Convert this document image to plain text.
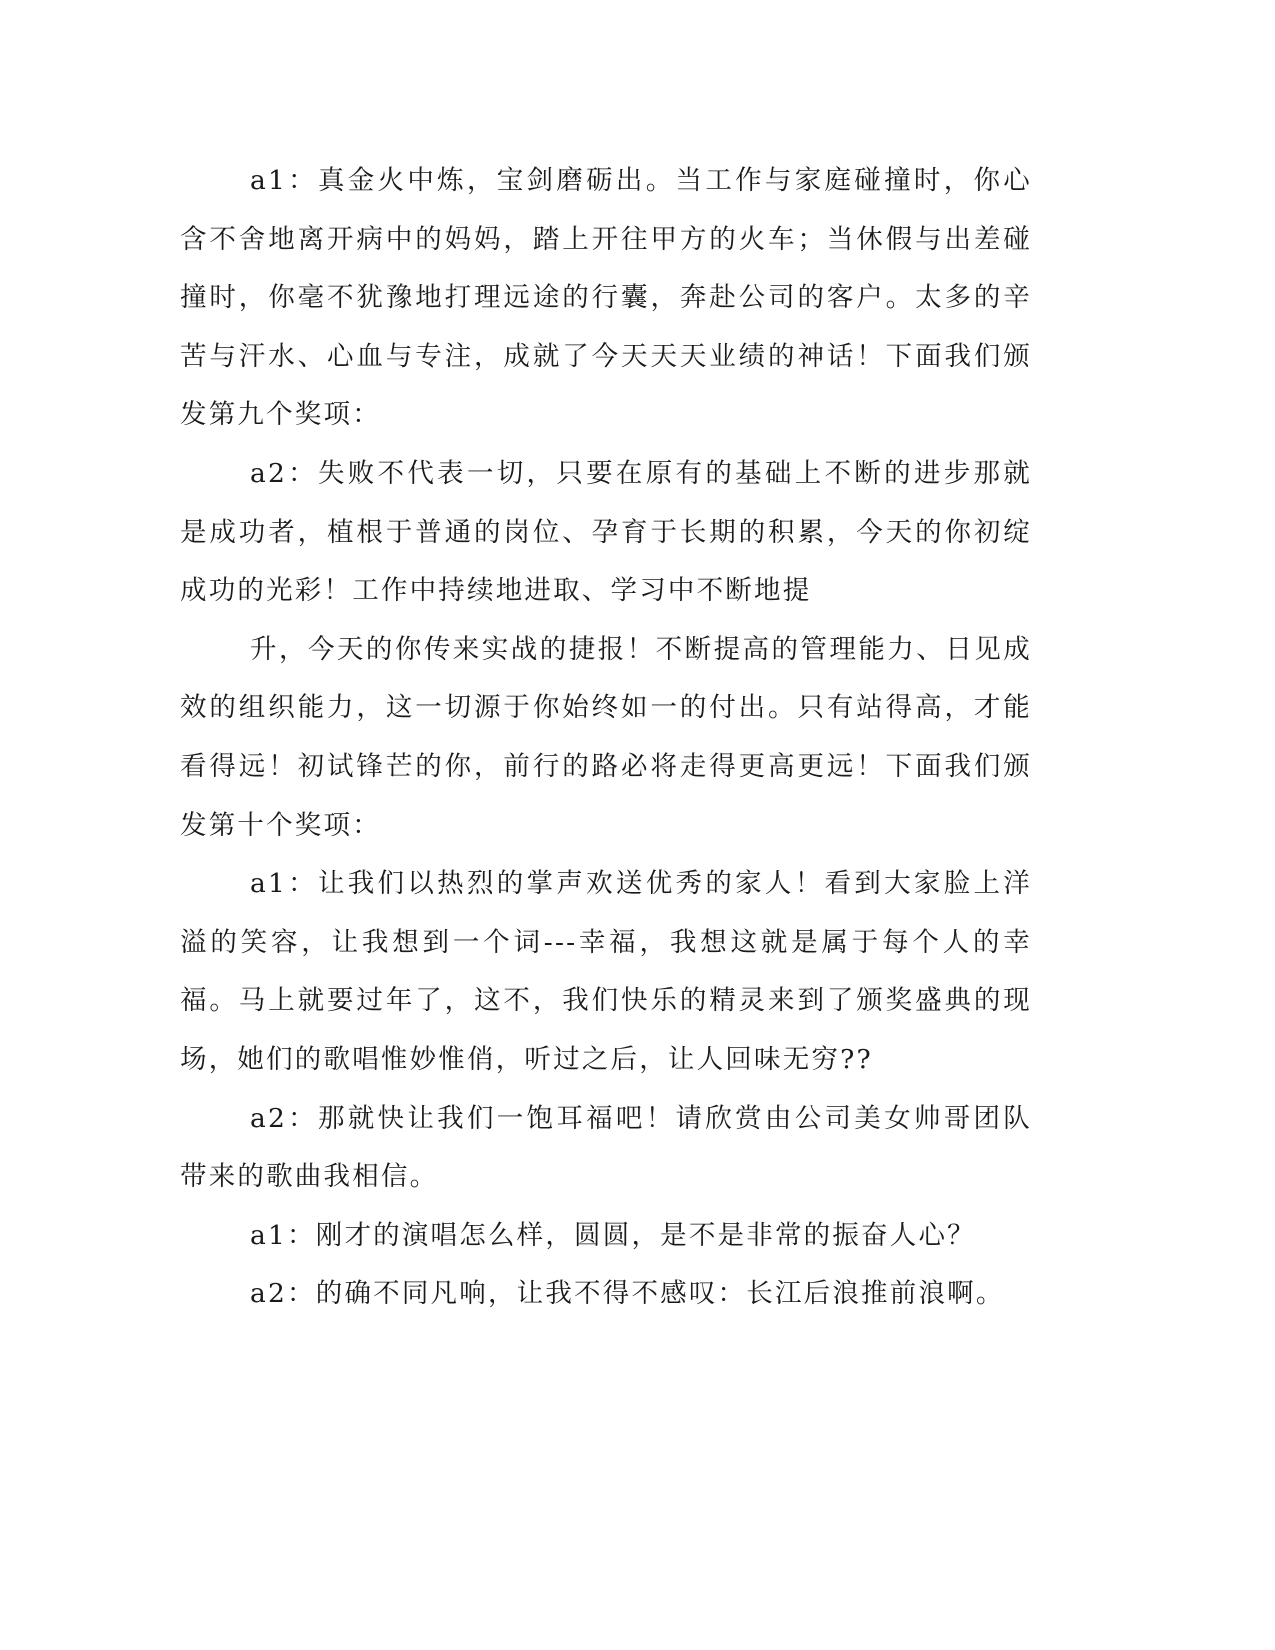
a1：真金火中炼，宝剑磨砺出。当工作与家庭碰撞时，你心含不舍地离开病中的妈妈，踏上开往甲方的火车；当休假与出差碰撞时，你毫不犹豫地打理远途的行囊，奔赴公司的客户。太多的辛苦与汗水、心血与专注，成就了今天天天业绩的神话！下面我们颁发第九个奖项：

a2：失败不代表一切，只要在原有的基础上不断的进步那就是成功者，植根于普通的岗位、孕育于长期的积累，今天的你初绽成功的光彩！工作中持续地进取、学习中不断地提

升，今天的你传来实战的捷报！不断提高的管理能力、日见成效的组织能力，这一切源于你始终如一的付出。只有站得高，才能看得远！初试锋芒的你，前行的路必将走得更高更远！下面我们颁发第十个奖项：

a1：让我们以热烈的掌声欢送优秀的家人！看到大家脸上洋溢的笑容，让我想到一个词---幸福，我想这就是属于每个人的幸福。马上就要过年了，这不，我们快乐的精灵来到了颁奖盛典的现场，她们的歌唱惟妙惟俏，听过之后，让人回味无穷??

a2：那就快让我们一饱耳福吧！请欣赏由公司美女帅哥团队带来的歌曲我相信。

a1：刚才的演唱怎么样，圆圆，是不是非常的振奋人心？

a2：的确不同凡响，让我不得不感叹：长江后浪推前浪啊。
